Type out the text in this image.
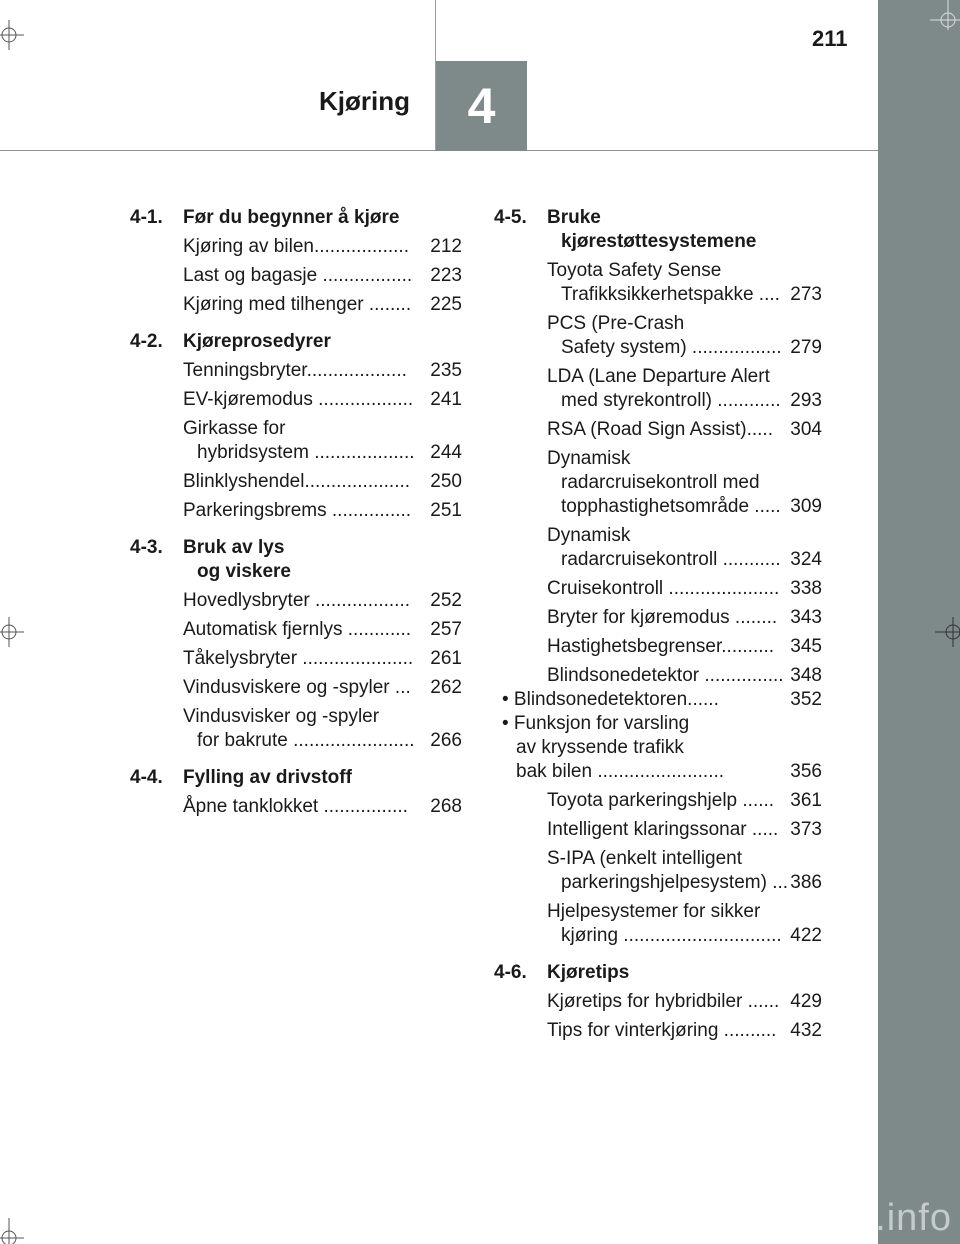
211
Kjøring 4
4-1.	Før du begynner å kjøre
Kjøring av bilen..................	212
Last og bagasje ................. 223
Kjøring med tilhenger ........	225
4-2.	Kjøreprosedyrer
Tenningsbryter...................	235
EV-kjøremodus .................. 241
Girkasse for
hybridsystem ................... 244
Blinklyshendel....................	250
Parkeringsbrems ...............	251
4-3.	Bruk av lys
og viskere
Hovedlysbryter ..................	252
Automatisk fjernlys ............	257
Tåkelysbryter ..................... 261
Vindusviskere og -spyler ...	262
Vindusvisker og -spyler
for bakrute ....................... 266
4-4.	Fylling av drivstoff
Åpne tanklokket ................	268
4-5.	Bruke
kjørestøttesystemene
Toyota Safety Sense
Trafikksikkerhetspakke .... 273
PCS (Pre-Crash
Safety system) ................. 279
LDA (Lane Departure Alert
med styrekontroll) ............ 293
RSA (Road Sign Assist)..... 304
Dynamisk
radarcruisekontroll med
topphastighetsområde ..... 309
Dynamisk
radarcruisekontroll ........... 324
Cruisekontroll ..................... 338
Bryter for kjøremodus ........ 343
Hastighetsbegrenser.......... 345
Blindsonedetektor ............... 348
• Blindsonedetektoren......	352
• Funksjon for varsling
av kryssende trafikk
bak bilen ........................	356
Toyota parkeringshjelp ...... 361
Intelligent klaringssonar ..... 373
S-IPA (enkelt intelligent
parkeringshjelpesystem) ... 386
Hjelpesystemer for sikker
kjøring .............................. 422
4-6.	Kjøretips
Kjøretips for hybridbiler ...... 429
Tips for vinterkjøring .......... 432
carmanualsonline.info
